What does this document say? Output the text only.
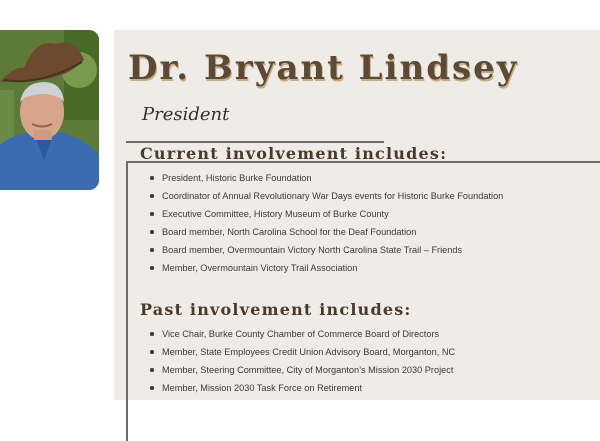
Dr. Bryant Lindsey
President
Current involvement includes:
President, Historic Burke Foundation
Coordinator of Annual Revolutionary War Days events for Historic Burke Foundation
Executive Committee, History Museum of Burke County
Board member, North Carolina School for the Deaf Foundation
Board member, Overmountain Victory North Carolina State Trail – Friends
Member, Overmountain Victory Trail Association
Past involvement includes:
Vice Chair, Burke County Chamber of Commerce Board of Directors
Member, State Employees Credit Union Advisory Board, Morganton, NC
Member, Steering Committee, City of Morganton’s Mission 2030 Project
Member, Mission 2030 Task Force on Retirement
